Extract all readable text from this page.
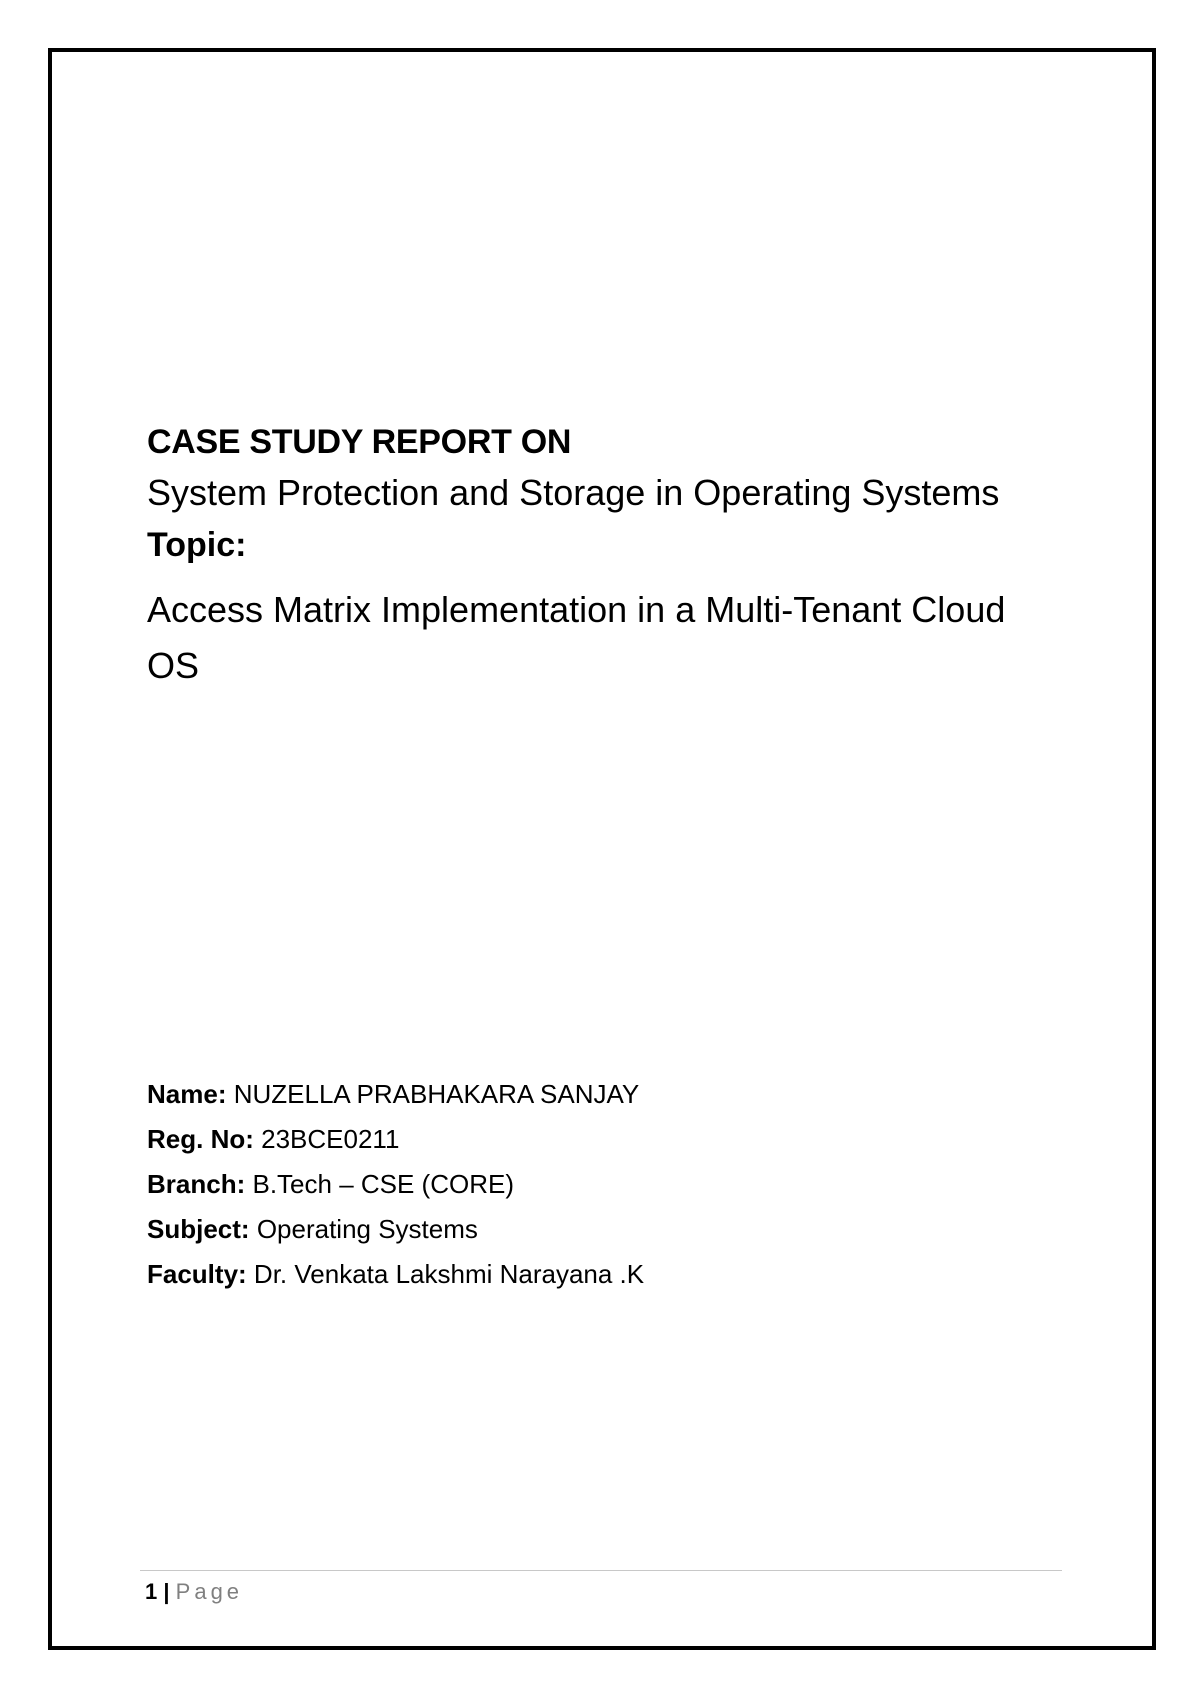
CASE STUDY REPORT ON

System Protection and Storage in Operating Systems

Topic:

Access Matrix Implementation in a Multi-Tenant Cloud OS

Name: NUZELLA PRABHAKARA SANJAY

Reg. No: 23BCE0211

Branch: B.Tech – CSE (CORE)

Subject: Operating Systems

Faculty: Dr. Venkata Lakshmi Narayana .K

1 | Page
